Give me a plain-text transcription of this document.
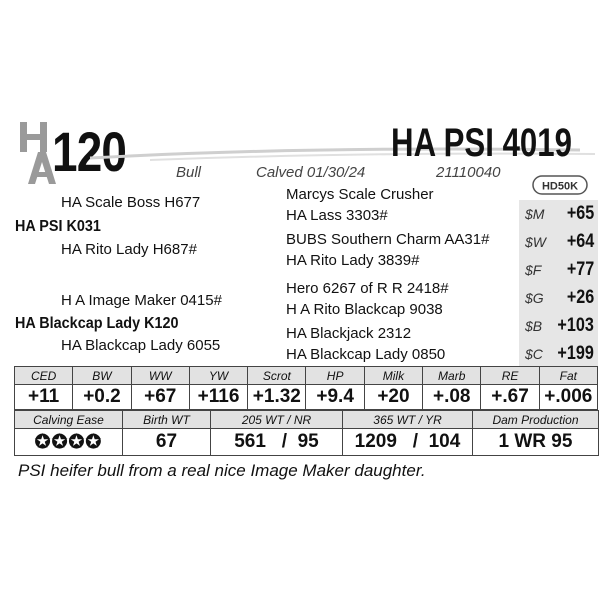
120	HA PSI 4019
Bull	Calved 01/30/24	21110040
HD50K
HA Scale Boss H677
HA PSI K031
HA Rito Lady H687#
H A Image Maker 0415#
HA Blackcap Lady K120
HA Blackcap Lady 6055
Marcys Scale Crusher
HA Lass 3303#
BUBS Southern Charm AA31#
HA Rito Lady 3839#
Hero 6267 of R R 2418#
H A Rito Blackcap 9038
HA Blackjack 2312
HA Blackcap Lady 0850
$M +65
$W +64
$F +77
$G +26
$B +103
$C +199
CED	BW	WW	YW	Scrot	HP	Milk	Marb	RE	Fat
+11	+0.2	+67	+116	+1.32	+9.4	+20	+.08	+.67	+.006
Calving Ease	Birth WT	205 WT / NR	365 WT / YR	Dam Production
✪✪✪✪	67	561   /  95	1209   /  104	1 WR 95
PSI heifer bull from a real nice Image Maker daughter.
